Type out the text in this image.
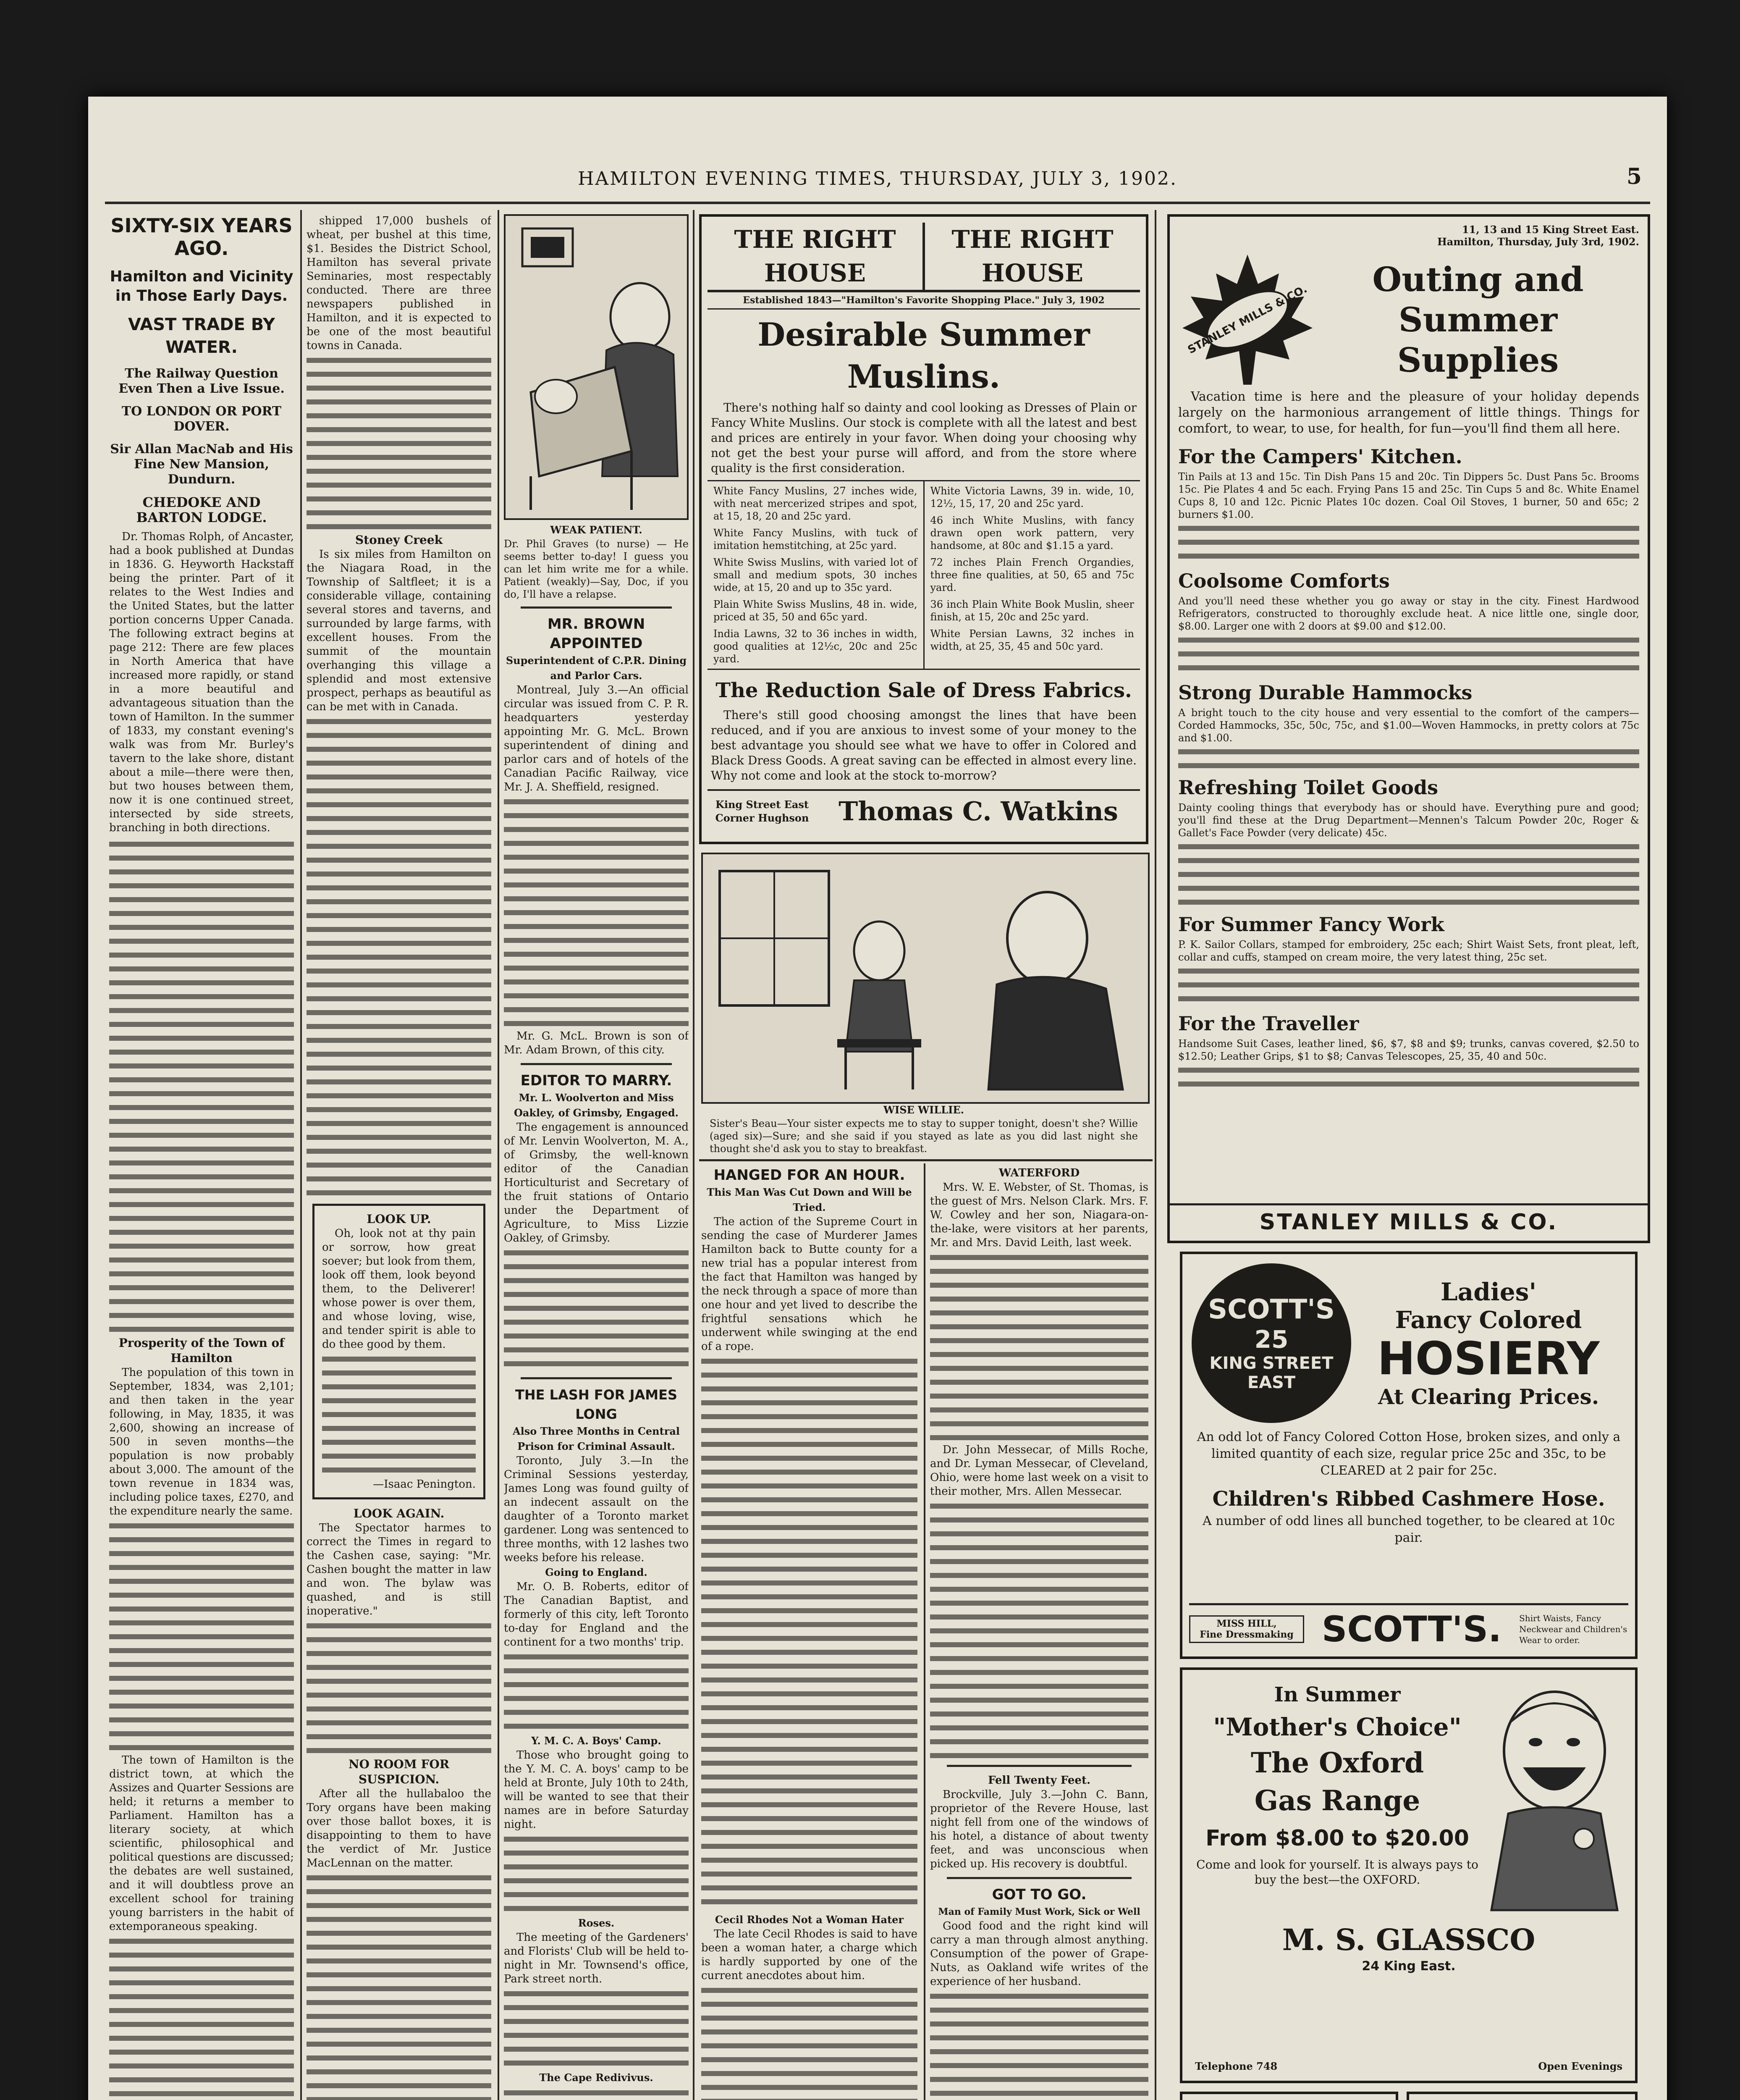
HAMILTON EVENING TIMES, THURSDAY, JULY 3, 1902.	5
SIXTY-SIX YEARS AGO.
Hamilton and Vicinity in Those Early Days.
VAST TRADE BY WATER.
The Railway Question Even Then a Live Issue.
TO LONDON OR PORT DOVER.
Sir Allan MacNab and His Fine New Mansion, Dundurn.
CHEDOKE AND BARTON LODGE.
Dr. Thomas Rolph, of Ancaster, had a book published at Dundas in 1836. G. Heyworth Hackstaff being the printer. Part of it relates to the West Indies and the United States, but the latter portion concerns Upper Canada. The following extract begins at page 212: There are few places in North America that have increased more rapidly, or stand in a more beautiful and advantageous situation than the town of Hamilton. In the summer of 1833, my constant evening's walk was from Mr. Burley's tavern to the lake shore, distant about a mile—there were then, but two houses between them, now it is one continued street, intersected by side streets, branching in both directions.
Prosperity of the Town of Hamilton
The population of this town in September, 1834, was 2,101; and then taken in the year following, in May, 1835, it was 2,600, showing an increase of 500 in seven months—the population is now probably about 3,000. The amount of the town revenue in 1834 was, including police taxes, £270, and the expenditure nearly the same.
The town of Hamilton is the district town, at which the Assizes and Quarter Sessions are held; it returns a member to Parliament. Hamilton has a literary society, at which scientific, philosophical and political questions are discussed; the debates are well sustained, and it will doubtless prove an excellent school for training young barristers in the habit of extemporaneous speaking.
shipped 17,000 bushels of wheat, per bushel at this time, $1. Besides the District School, Hamilton has several private Seminaries, most respectably conducted. There are three newspapers published in Hamilton, and it is expected to be one of the most beautiful towns in Canada.
Stoney Creek
Is six miles from Hamilton on the Niagara Road, in the Township of Saltfleet; it is a considerable village, containing several stores and taverns, and surrounded by large farms, with excellent houses. From the summit of the mountain overhanging this village a splendid and most extensive prospect, perhaps as beautiful as can be met with in Canada.
LOOK UP.
Oh, look not at thy pain or sorrow, how great soever; but look from them, look off them, look beyond them, to the Deliverer! whose power is over them, and whose loving, wise, and tender spirit is able to do thee good by them.
—Isaac Penington.
LOOK AGAIN.
The Spectator harmes to correct the Times in regard to the Cashen case, saying: "Mr. Cashen bought the matter in law and won. The bylaw was quashed, and is still inoperative."
NO ROOM FOR SUSPICION.
After all the hullabaloo the Tory organs have been making over those ballot boxes, it is disappointing to them to have the verdict of Mr. Justice MacLennan on the matter.
WEAK PATIENT.
Dr. Phil Graves (to nurse) — He seems better to-day! I guess you can let him write me for a while. Patient (weakly)—Say, Doc, if you do, I'll have a relapse.
MR. BROWN APPOINTED
Superintendent of C.P.R. Dining and Parlor Cars.
Montreal, July 3.—An official circular was issued from C. P. R. headquarters yesterday appointing Mr. G. McL. Brown superintendent of dining and parlor cars and of hotels of the Canadian Pacific Railway, vice Mr. J. A. Sheffield, resigned.
Mr. G. McL. Brown is son of Mr. Adam Brown, of this city.
EDITOR TO MARRY.
Mr. L. Woolverton and Miss Oakley, of Grimsby, Engaged.
The engagement is announced of Mr. Lenvin Woolverton, M. A., of Grimsby, the well-known editor of the Canadian Horticulturist and Secretary of the fruit stations of Ontario under the Department of Agriculture, to Miss Lizzie Oakley, of Grimsby.
THE LASH FOR JAMES LONG
Also Three Months in Central Prison for Criminal Assault.
Toronto, July 3.—In the Criminal Sessions yesterday, James Long was found guilty of an indecent assault on the daughter of a Toronto market gardener. Long was sentenced to three months, with 12 lashes two weeks before his release.
Going to England.
Mr. O. B. Roberts, editor of The Canadian Baptist, and formerly of this city, left Toronto to-day for England and the continent for a two months' trip.
Y. M. C. A. Boys' Camp.
Those who brought going to the Y. M. C. A. boys' camp to be held at Bronte, July 10th to 24th, will be wanted to see that their names are in before Saturday night.
Roses.
The meeting of the Gardeners' and Florists' Club will be held to-night in Mr. Townsend's office, Park street north.
The Cape Redivivus.
THE RIGHT HOUSE
THE RIGHT HOUSE
Established 1843—"Hamilton's Favorite Shopping Place." July 3, 1902
Desirable Summer Muslins.
There's nothing half so dainty and cool looking as Dresses of Plain or Fancy White Muslins. Our stock is complete with all the latest and best and prices are entirely in your favor. When doing your choosing why not get the best your purse will afford, and from the store where quality is the first consideration.
White Fancy Muslins, 27 inches wide, with neat mercerized stripes and spot, at 15, 18, 20 and 25c yard.
White Fancy Muslins, with tuck of imitation hemstitching, at 25c yard.
White Swiss Muslins, with varied lot of small and medium spots, 30 inches wide, at 15, 20 and up to 35c yard.
Plain White Swiss Muslins, 48 in. wide, priced at 35, 50 and 65c yard.
India Lawns, 32 to 36 inches in width, good qualities at 12½c, 20c and 25c yard.
White Victoria Lawns, 39 in. wide, 10, 12½, 15, 17, 20 and 25c yard.
46 inch White Muslins, with fancy drawn open work pattern, very handsome, at 80c and $1.15 a yard.
72 inches Plain French Organdies, three fine qualities, at 50, 65 and 75c yard.
36 inch Plain White Book Muslin, sheer finish, at 15, 20c and 25c yard.
White Persian Lawns, 32 inches in width, at 25, 35, 45 and 50c yard.
The Reduction Sale of Dress Fabrics.
There's still good choosing amongst the lines that have been reduced, and if you are anxious to invest some of your money to the best advantage you should see what we have to offer in Colored and Black Dress Goods. A great saving can be effected in almost every line. Why not come and look at the stock to-morrow?
King Street East
Corner Hughson	Thomas C. Watkins
WISE WILLIE.
Sister's Beau—Your sister expects me to stay to supper tonight, doesn't she? Willie (aged six)—Sure; and she said if you stayed as late as you did last night she thought she'd ask you to stay to breakfast.
HANGED FOR AN HOUR.
This Man Was Cut Down and Will be Tried.
The action of the Supreme Court in sending the case of Murderer James Hamilton back to Butte county for a new trial has a popular interest from the fact that Hamilton was hanged by the neck through a space of more than one hour and yet lived to describe the frightful sensations which he underwent while swinging at the end of a rope.
Cecil Rhodes Not a Woman Hater
The late Cecil Rhodes is said to have been a woman hater, a charge which is hardly supported by one of the current anecdotes about him.
WATERFORD
Mrs. W. E. Webster, of St. Thomas, is the guest of Mrs. Nelson Clark. Mrs. F. W. Cowley and her son, Niagara-on-the-lake, were visitors at her parents, Mr. and Mrs. David Leith, last week.
Dr. John Messecar, of Mills Roche, and Dr. Lyman Messecar, of Cleveland, Ohio, were home last week on a visit to their mother, Mrs. Allen Messecar.
Fell Twenty Feet.
Brockville, July 3.—John C. Bann, proprietor of the Revere House, last night fell from one of the windows of his hotel, a distance of about twenty feet, and was unconscious when picked up. His recovery is doubtful.
GOT TO GO.
Man of Family Must Work, Sick or Well
Good food and the right kind will carry a man through almost anything. Consumption of the power of Grape-Nuts, as Oakland wife writes of the experience of her husband.
11, 13 and 15 King Street East.
Hamilton, Thursday, July 3rd, 1902.
STANLEY MILLS & CO.
Outing and Summer Supplies
Vacation time is here and the pleasure of your holiday depends largely on the harmonious arrangement of little things. Things for comfort, to wear, to use, for health, for fun—you'll find them all here.
For the Campers' Kitchen.
Tin Pails at 13 and 15c. Tin Dish Pans 15 and 20c. Tin Dippers 5c. Dust Pans 5c. Brooms 15c. Pie Plates 4 and 5c each. Frying Pans 15 and 25c. Tin Cups 5 and 8c. White Enamel Cups 8, 10 and 12c. Picnic Plates 10c dozen. Coal Oil Stoves, 1 burner, 50 and 65c; 2 burners $1.00.
Coolsome Comforts
And you'll need these whether you go away or stay in the city. Finest Hardwood Refrigerators, constructed to thoroughly exclude heat. A nice little one, single door, $8.00. Larger one with 2 doors at $9.00 and $12.00.
Strong Durable Hammocks
A bright touch to the city house and very essential to the comfort of the campers—Corded Hammocks, 35c, 50c, 75c, and $1.00—Woven Hammocks, in pretty colors at 75c and $1.00.
Refreshing Toilet Goods
Dainty cooling things that everybody has or should have. Everything pure and good; you'll find these at the Drug Department—Mennen's Talcum Powder 20c, Roger & Gallet's Face Powder (very delicate) 45c.
For Summer Fancy Work
P. K. Sailor Collars, stamped for embroidery, 25c each; Shirt Waist Sets, front pleat, left, collar and cuffs, stamped on cream moire, the very latest thing, 25c set.
For the Traveller
Handsome Suit Cases, leather lined, $6, $7, $8 and $9; trunks, canvas covered, $2.50 to $12.50; Leather Grips, $1 to $8; Canvas Telescopes, 25, 35, 40 and 50c.
STANLEY MILLS & CO.
SCOTT'S
25
KING STREET
EAST
Ladies'
Fancy Colored
HOSIERY
At Clearing Prices.
An odd lot of Fancy Colored Cotton Hose, broken sizes, and only a limited quantity of each size, regular price 25c and 35c, to be CLEARED at 2 pair for 25c.
Children's Ribbed Cashmere Hose.
A number of odd lines all bunched together, to be cleared at 10c pair.
MISS HILL,
Fine Dressmaking SCOTT'S.	Shirt Waists, Fancy Neckwear and Children's Wear to order.
In Summer
"Mother's Choice"
The Oxford
Gas Range
From $8.00 to $20.00
Come and look for yourself. It is always pays to buy the best—the OXFORD.
M. S. GLASSCO
24 King East.
Telephone 748	Open Evenings
